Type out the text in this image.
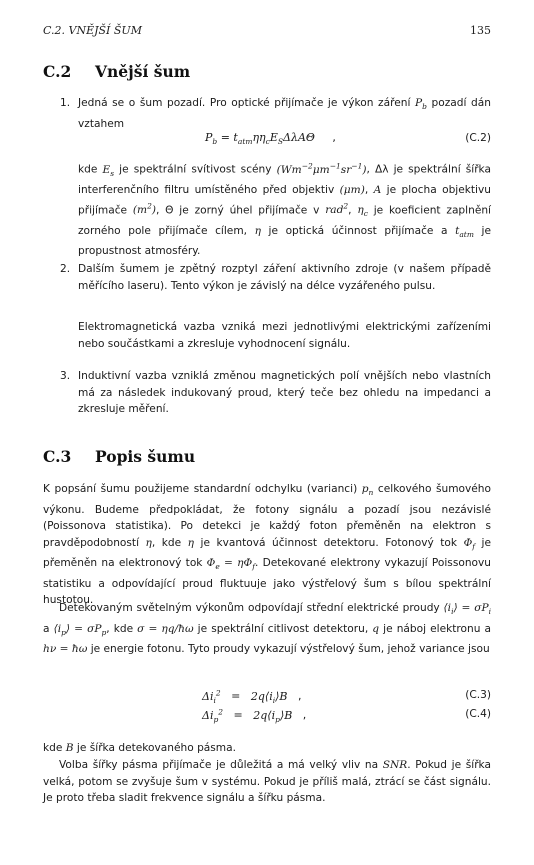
C.2. VNĚJŠÍ ŠUM	135
C.2 Vnější šum
1. Jedná se o šum pozadí. Pro optické přijímače je výkon záření $P_b$ pozadí dán vztahem
$P_b = t_{atm}\eta\eta_cE_S\Delta\lambda A\Theta$     ,	(C.2)
kde $E_s$ je spektrální svítivost scény $(Wm^{-2}\mu m^{-1}sr^{-1})$, Δλ je spektrální šířka interferenčního filtru umístěného před objektiv (μm), A je plocha objektivu přijímače $(m^2)$, Θ je zorný úhel přijímače v rad$^2$, $\eta_c$ je koeficient zaplnění zorného pole přijímače cílem, η je optická účinnost přijímače a $t_{atm}$ je propustnost atmosféry.
2. Dalším šumem je zpětný rozptyl záření aktivního zdroje (v našem případě měřícího laseru). Tento výkon je závislý na délce vyzářeného pulsu.
Elektromagnetická vazba vzniká mezi jednotlivými elektrickými zařízeními nebo součástkami a zkresluje vyhodnocení signálu.
3. Induktivní vazba vzniklá změnou magnetických polí vnějších nebo vlastních má za následek indukovaný proud, který teče bez ohledu na impedanci a zkresluje měření.
C.3 Popis šumu
K popsání šumu použijeme standardní odchylku (varianci) $p_n$ celkového šumového výkonu. Budeme předpokládat, že fotony signálu a pozadí jsou nezávislé (Poissonova statistika). Po detekci je každý foton přeměněn na elektron s pravděpodobností η, kde η je kvantová účinnost detektoru. Fotonový tok $\Phi_f$ je přeměněn na elektronový tok $\Phi_e = \eta\Phi_f$. Detekované elektrony vykazují Poissonovu statistiku a odpovídající proud fluktuuje jako výstřelový šum s bílou spektrální hustotou.
Detekovaným světelným výkonům odpovídají střední elektrické proudy $⟨i_i⟩ = \sigma P_i$ a $⟨i_p⟩ = \sigma P_p$, kde σ = ηq/ħω je spektrální citlivost detektoru, q je náboj elektronu a hν = ħω je energie fotonu. Tyto proudy vykazují výstřelový šum, jehož variance jsou
$\Delta i_i^2$   =   $2q⟨i_i⟩B$   ,	(C.3)
$\Delta i_p^2$   =   $2q⟨i_p⟩B$   ,	(C.4)
kde B je šířka detekovaného pásma.
Volba šířky pásma přijímače je důležitá a má velký vliv na SNR. Pokud je šířka velká, potom se zvyšuje šum v systému. Pokud je příliš malá, ztrácí se část signálu. Je proto třeba sladit frekvence signálu a šířku pásma.
